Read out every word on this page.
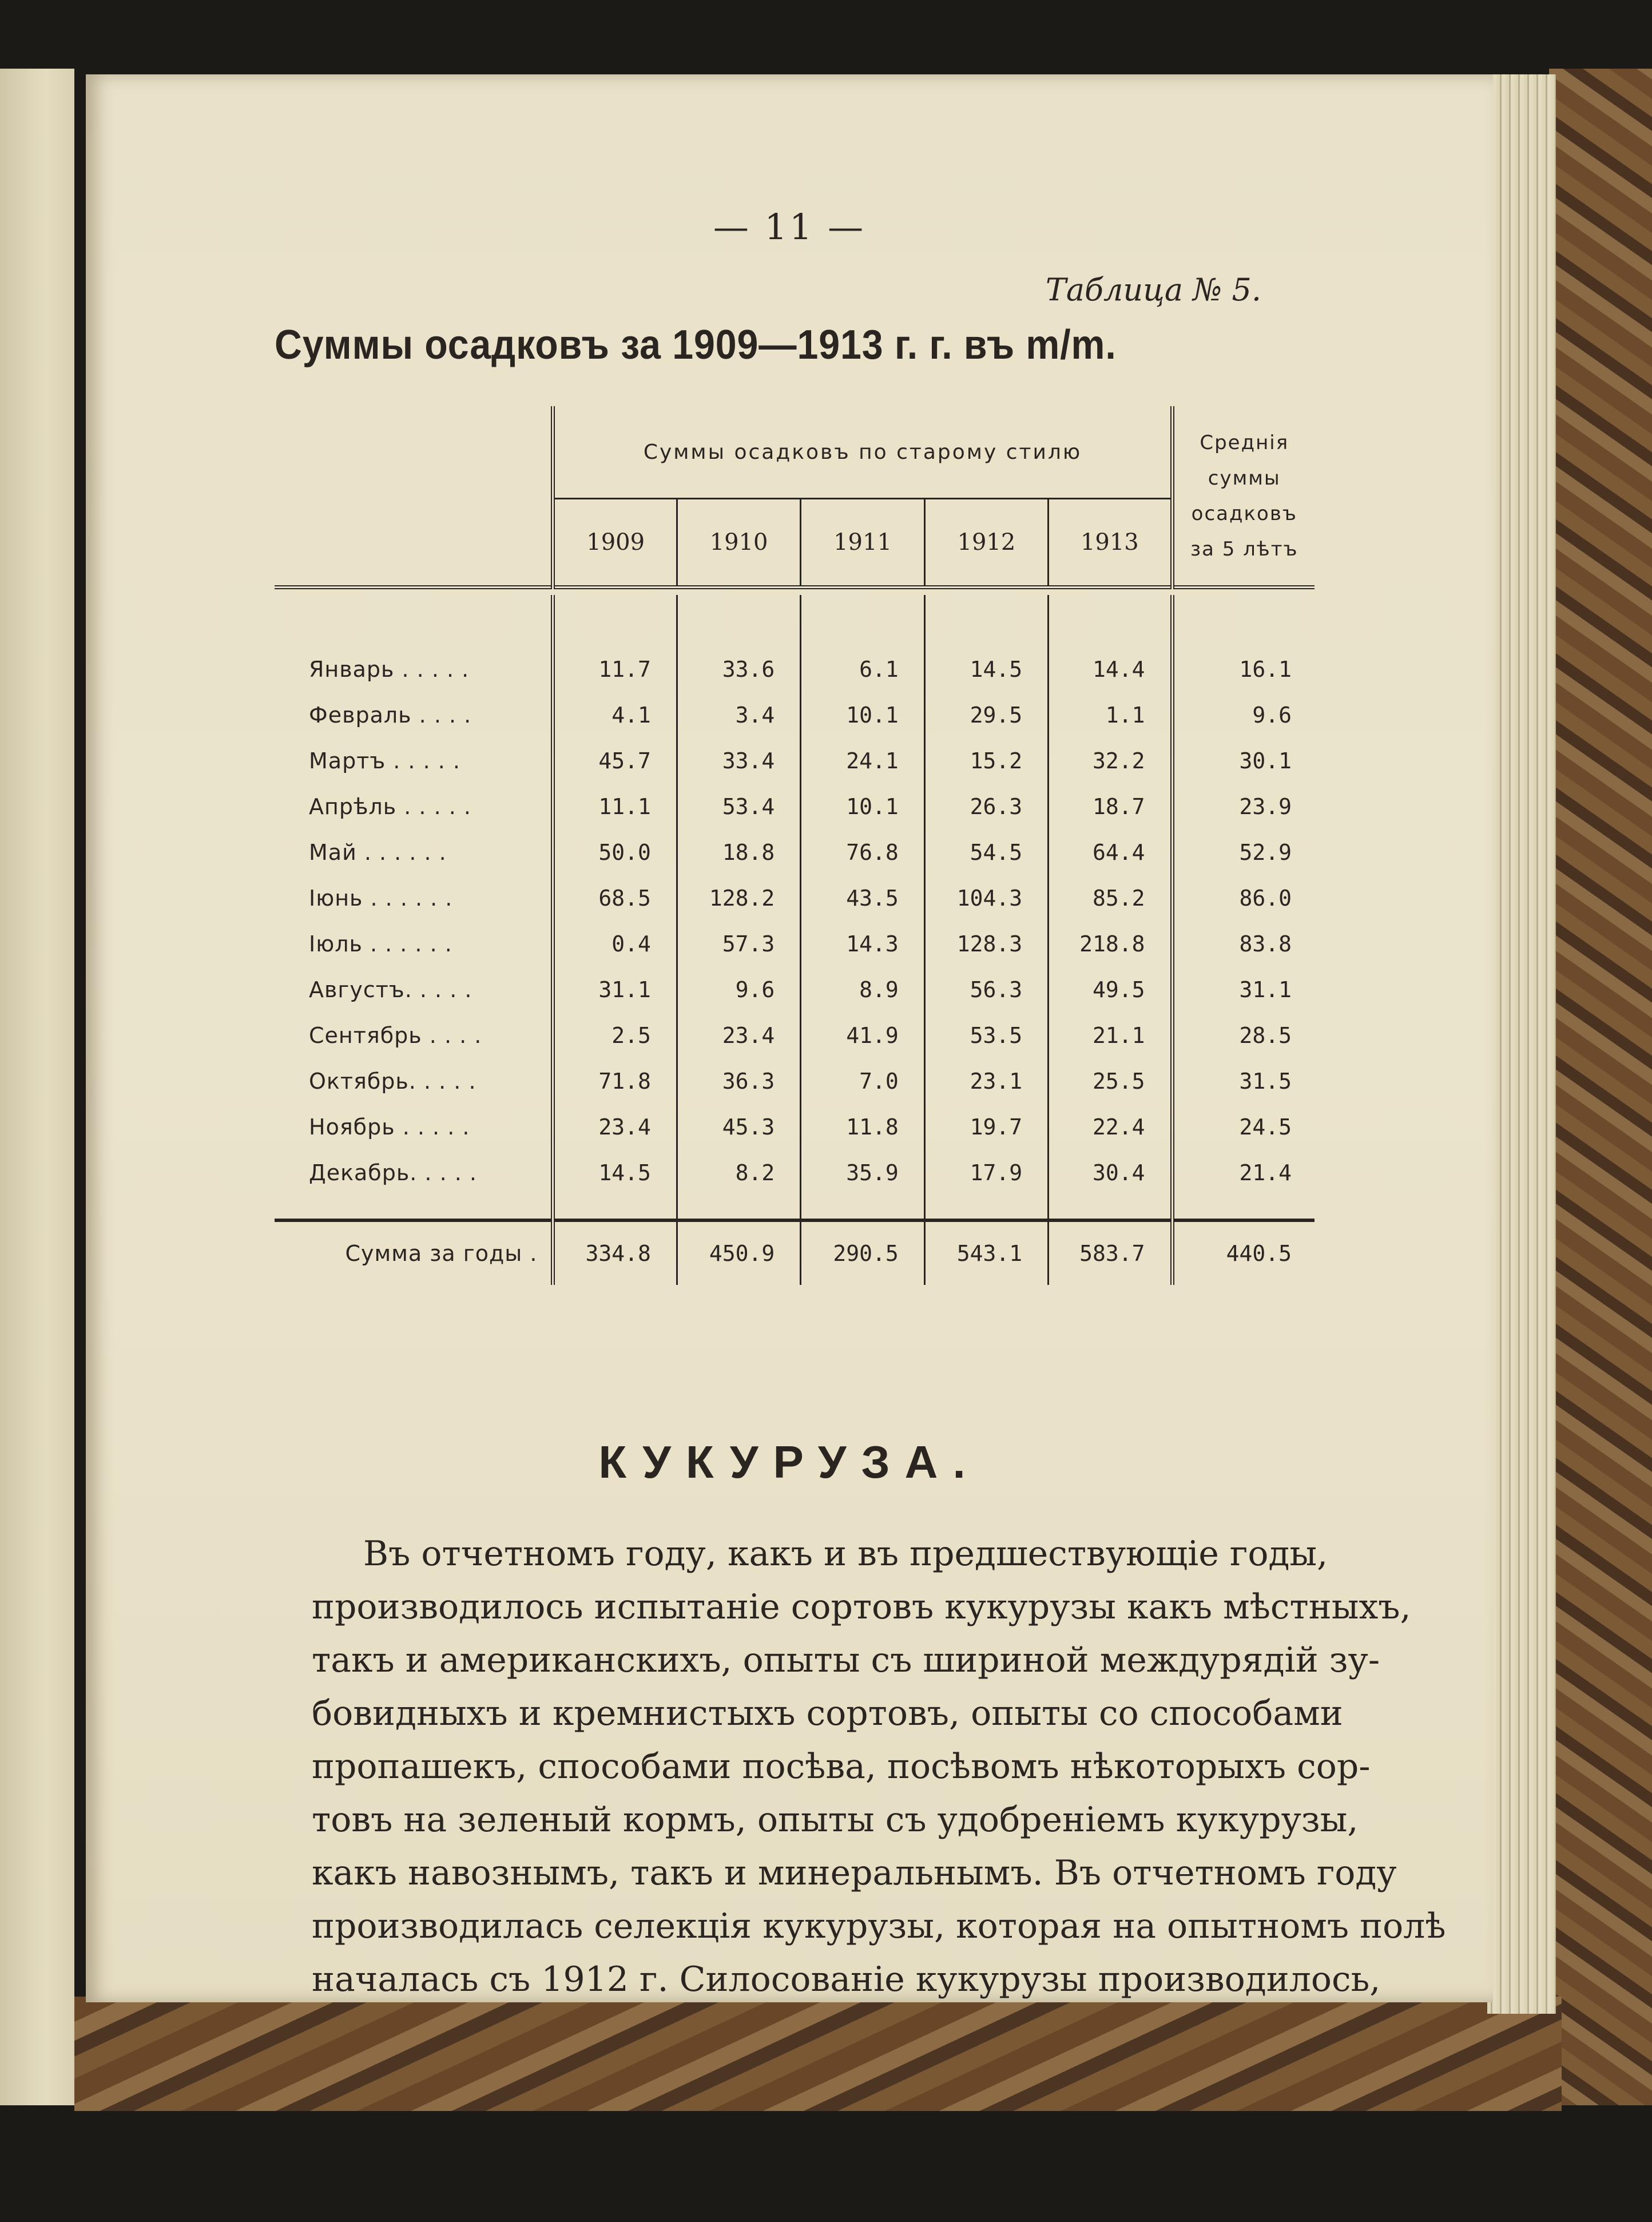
— 11 —
Таблица № 5.
Суммы осадковъ за 1909—1913 г. г. въ m/m.
	Суммы осадковъ по старому стилю					Среднія
суммы
осадковъ
за 5 лѣтъ

	1909	1910	1911	1912	1913	

Январь . . . . .	11.7	33.6	6.1	14.5	14.4	16.1
Февраль . . . .	4.1	3.4	10.1	29.5	1.1	9.6
Мартъ . . . . .	45.7	33.4	24.1	15.2	32.2	30.1
Апрѣль . . . . .	11.1	53.4	10.1	26.3	18.7	23.9
Май . . . . . .	50.0	18.8	76.8	54.5	64.4	52.9
Іюнь . . . . . .	68.5	128.2	43.5	104.3	85.2	86.0
Іюль . . . . . .	0.4	57.3	14.3	128.3	218.8	83.8
Августъ. . . . .	31.1	9.6	8.9	56.3	49.5	31.1
Сентябрь . . . .	2.5	23.4	41.9	53.5	21.1	28.5
Октябрь. . . . .	71.8	36.3	7.0	23.1	25.5	31.5
Ноябрь . . . . .	23.4	45.3	11.8	19.7	22.4	24.5
Декабрь. . . . .	14.5	8.2	35.9	17.9	30.4	21.4

Сумма за годы .	334.8	450.9	290.5	543.1	583.7	440.5
КУКУРУЗА.
Въ отчетномъ году, какъ и въ предшествующіе годы,
производилось испытаніе сортовъ кукурузы какъ мѣстныхъ,
такъ и американскихъ, опыты съ шириной междурядій зу-
бовидныхъ и кремнистыхъ сортовъ, опыты со способами
пропашекъ, способами посѣва, посѣвомъ нѣкоторыхъ сор-
товъ на зеленый кормъ, опыты съ удобреніемъ кукурузы,
какъ навознымъ, такъ и минеральнымъ. Въ отчетномъ году
производилась селекція кукурузы, которая на опытномъ полѣ
началась съ 1912 г. Силосованіе кукурузы производилось,
